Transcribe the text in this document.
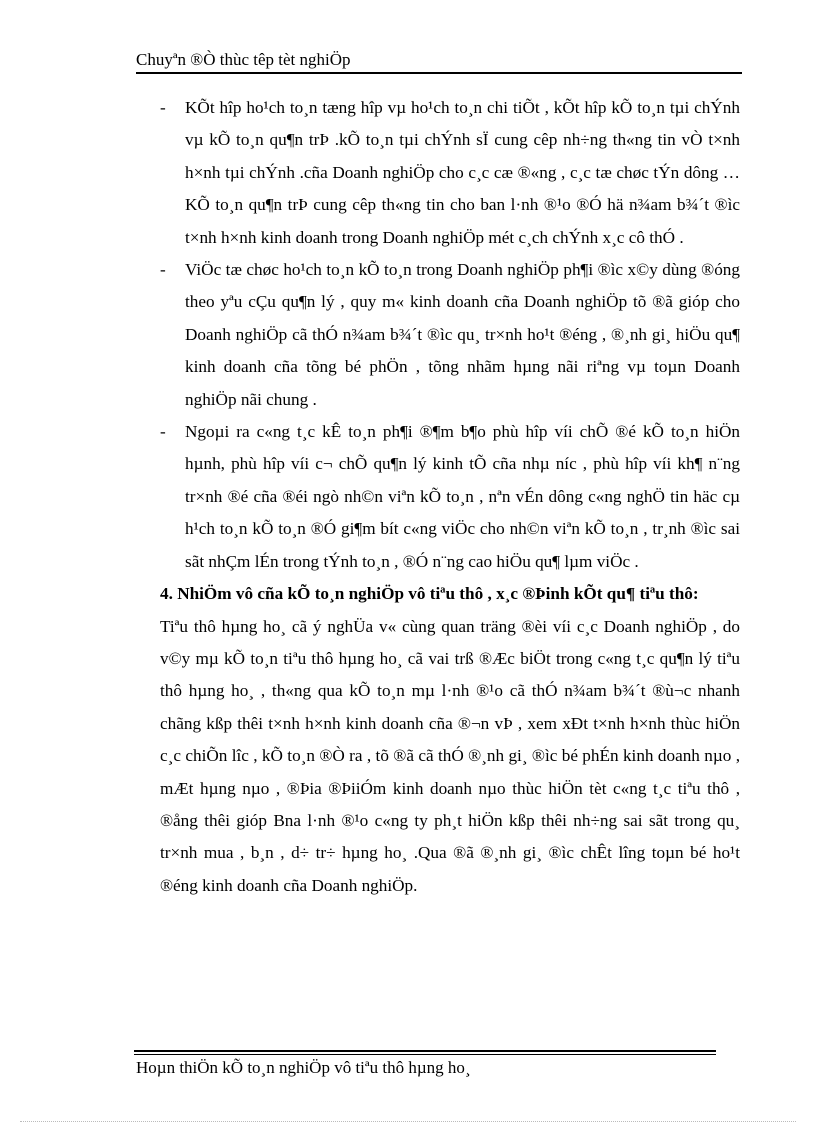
Chuyªn ®Ò thùc têp tèt nghiÖp
- KÕt hîp ho¹ch to¸n tæng hîp vµ ho¹ch to¸n chi tiÕt , kÕt hîp kÕ to¸n tµi chÝnh vµ kÕ to¸n qu¶n trÞ .kÕ to¸n tµi chÝnh sÏ cung cêp nh÷ng th«ng tin vÒ t×nh h×nh tµi chÝnh .cña Doanh nghiÖp cho c¸c cæ ®«ng , c¸c tæ chøc tÝn dông … KÕ to¸n qu¶n trÞ cung cêp th«ng tin cho ban l·nh ®¹o ®Ó hä n¾am b¾´t ®ìc t×nh h×nh kinh doanh trong Doanh nghiÖp mét c¸ch chÝnh x¸c cô thÓ .
- ViÖc tæ chøc ho¹ch to¸n kÕ to¸n trong Doanh nghiÖp ph¶i ®ìc x©y dùng ®óng theo yªu cÇu qu¶n lý , quy m« kinh doanh cña Doanh nghiÖp tõ ®ã gióp cho Doanh nghiÖp cã thÓ n¾am b¾´t ®ìc qu¸ tr×nh ho¹t ®éng , ®¸nh gi¸ hiÖu qu¶ kinh doanh cña tõng bé phÖn , tõng nhãm hµng nãi riªng vµ toµn Doanh nghiÖp nãi chung .
- Ngoµi ra c«ng t¸c kÊ to¸n ph¶i ®¶m b¶o phù hîp víi chÕ ®é kÕ to¸n hiÖn hµnh, phù hîp víi c¬ chÕ qu¶n lý kinh tÕ cña nhµ níc , phù hîp víi kh¶ n¨ng tr×nh ®é cña ®éi ngò nh©n viªn kÕ to¸n , nªn vÉn dông c«ng nghÖ tin häc cµ h¹ch to¸n kÕ to¸n ®Ó gi¶m bít c«ng viÖc cho nh©n viªn kÕ to¸n , tr¸nh ®ìc sai sãt nhÇm lÉn trong tÝnh to¸n , ®Ó n¨ng cao hiÖu qu¶ lµm viÖc .

4. NhiÖm vô cña kÕ to¸n nghiÖp vô tiªu thô , x¸c ®Þinh kÕt qu¶ tiªu thô:

Tiªu thô hµng ho¸ cã ý nghÜa v« cùng quan träng ®èi víi c¸c Doanh nghiÖp , do v©y mµ kÕ to¸n tiªu thô hµng ho¸ cã vai trß ®Æc biÖt trong c«ng t¸c qu¶n lý tiªu thô hµng ho¸ , th«ng qua kÕ to¸n mµ l·nh ®¹o cã thÓ n¾am b¾´t ®ù¬c nhanh chãng kßp thêi t×nh h×nh kinh doanh cña ®¬n vÞ , xem xÐt t×nh h×nh thùc hiÖn c¸c chiÕn lîc , kÕ to¸n ®Ò ra , tõ ®ã cã thÓ ®¸nh gi¸ ®ìc bé phÉn kinh doanh nµo , mÆt hµng nµo , ®Þia ®ÞiiÓm kinh doanh nµo thùc hiÖn tèt c«ng t¸c tiªu thô , ®ång thêi gióp Bna l·nh ®¹o c«ng ty ph¸t hiÖn kßp thêi nh÷ng sai sãt trong qu¸ tr×nh mua , b¸n , d÷ tr÷ hµng ho¸ .Qua ®ã ®¸nh gi¸ ®ìc chÊt lîng toµn bé ho¹t ®éng kinh doanh cña Doanh nghiÖp.

Hoµn thiÖn kÕ to¸n nghiÖp vô tiªu thô hµng ho¸
